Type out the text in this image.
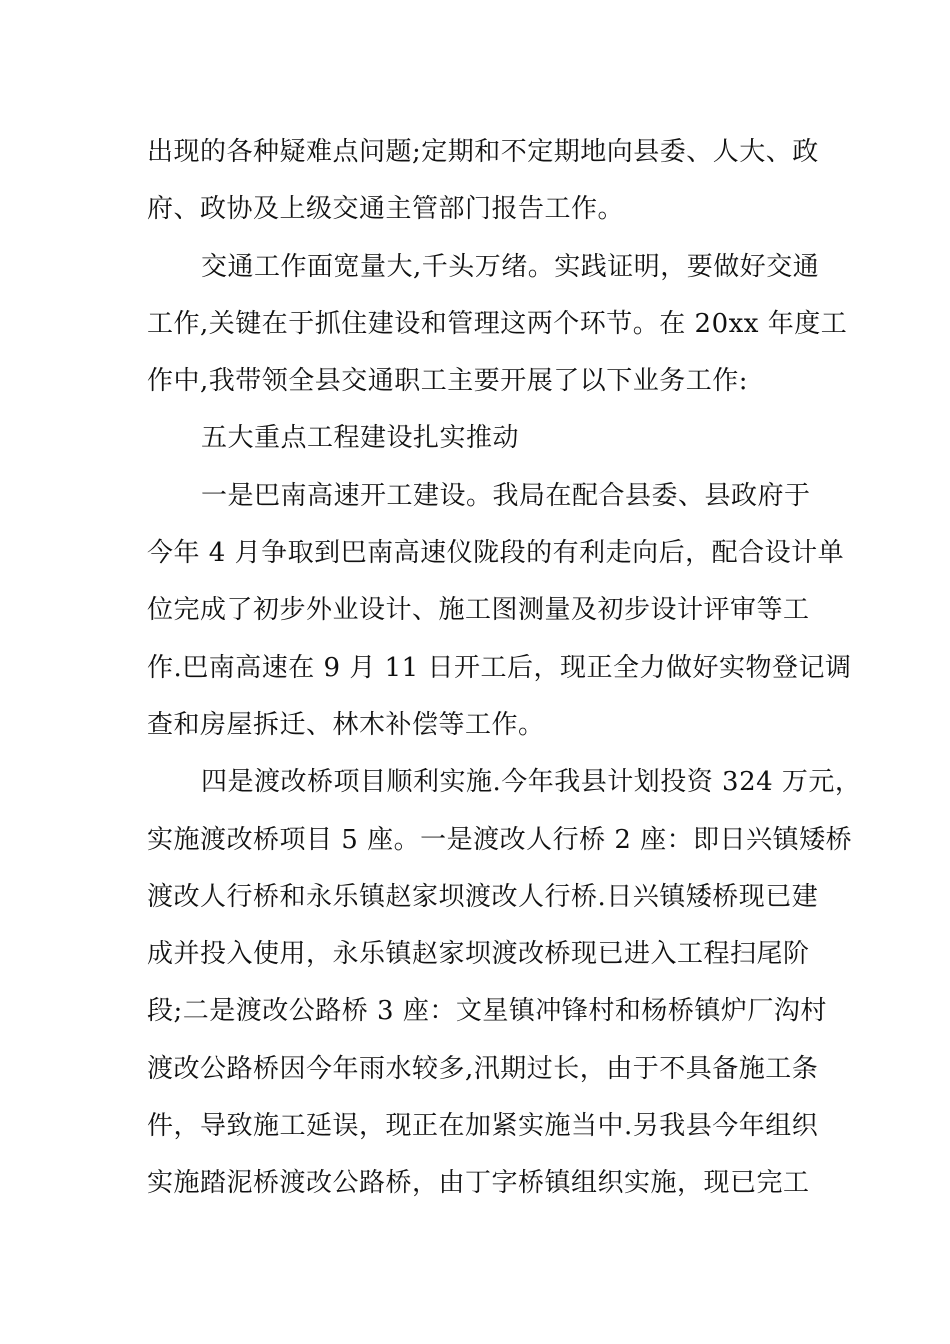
出现的各种疑难点问题;定期和不定期地向县委、人大、政
府、政协及上级交通主管部门报告工作。
交通工作面宽量大,千头万绪。实践证明，要做好交通
工作,关键在于抓住建设和管理这两个环节。在 20xx 年度工
作中,我带领全县交通职工主要开展了以下业务工作:
五大重点工程建设扎实推动
一是巴南高速开工建设。我局在配合县委、县政府于
今年 4 月争取到巴南高速仪陇段的有利走向后，配合设计单
位完成了初步外业设计、施工图测量及初步设计评审等工
作.巴南高速在 9 月 11 日开工后，现正全力做好实物登记调
查和房屋拆迁、林木补偿等工作。
四是渡改桥项目顺利实施.今年我县计划投资 324 万元，
实施渡改桥项目 5 座。一是渡改人行桥 2 座：即日兴镇矮桥
渡改人行桥和永乐镇赵家坝渡改人行桥.日兴镇矮桥现已建
成并投入使用，永乐镇赵家坝渡改桥现已进入工程扫尾阶
段;二是渡改公路桥 3 座：文星镇冲锋村和杨桥镇炉厂沟村
渡改公路桥因今年雨水较多,汛期过长，由于不具备施工条
件，导致施工延误，现正在加紧实施当中.另我县今年组织
实施踏泥桥渡改公路桥，由丁字桥镇组织实施，现已完工
